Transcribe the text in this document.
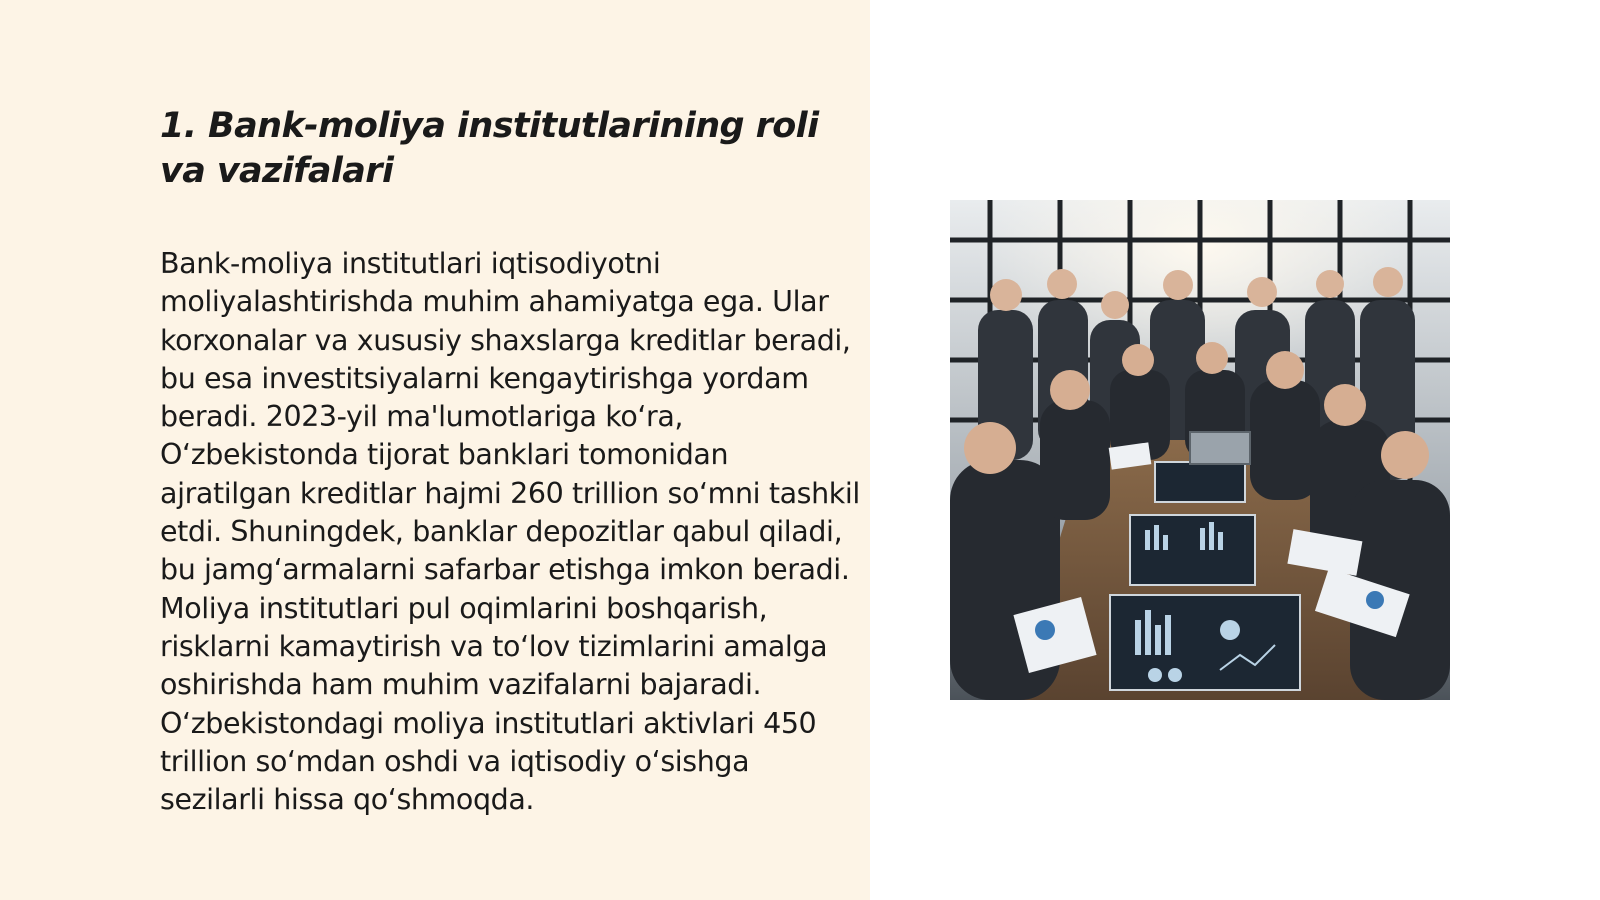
1. Bank-moliya institutlarining roli va vazifalari

Bank-moliya institutlari iqtisodiyotni moliyalashtirishda muhim ahamiyatga ega. Ular korxonalar va xususiy shaxslarga kreditlar beradi, bu esa investitsiyalarni kengaytirishga yordam beradi. 2023-yil ma'lumotlariga ko‘ra, O‘zbekistonda tijorat banklari tomonidan ajratilgan kreditlar hajmi 260 trillion so‘mni tashkil etdi. Shuningdek, banklar depozitlar qabul qiladi, bu jamg‘armalarni safarbar etishga imkon beradi. Moliya institutlari pul oqimlarini boshqarish, risklarni kamaytirish va to‘lov tizimlarini amalga oshirishda ham muhim vazifalarni bajaradi. O‘zbekistondagi moliya institutlari aktivlari 450 trillion so‘mdan oshdi va iqtisodiy o‘sishga sezilarli hissa qo‘shmoqda.
